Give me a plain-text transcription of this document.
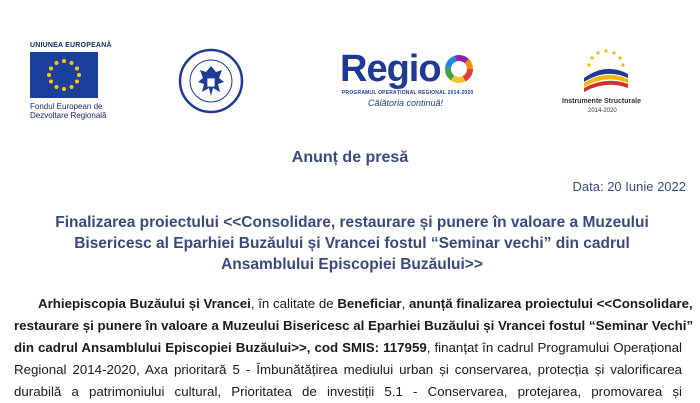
UNIUNEA EUROPEANĂ
Fondul European de
Dezvoltare Regională
Regio
PROGRAMUL OPERAȚIONAL REGIONAL 2014-2020
Călătoria continuă!	Instrumente Structurale
2014-2020
Anunț de presă
Data: 20 Iunie 2022
Finalizarea proiectului <<Consolidare, restaurare și punere în valoare a Muzeului
Bisericesc al Eparhiei Buzăului și Vrancei fostul “Seminar vechi” din cadrul
Ansamblului Episcopiei Buzăului>>
Arhiepiscopia Buzăului și Vrancei, în calitate de Beneficiar, anunță finalizarea proiectului <<Consolidare,
restaurare și punere în valoare a Muzeului Bisericesc al Eparhiei Buzăului și Vrancei fostul “Seminar Vechi”
din cadrul Ansamblului Episcopiei Buzăului>>, cod SMIS: 117959, finanțat în cadrul Programului Operațional
Regional 2014-2020, Axa prioritară 5 - Îmbunătățirea mediului urban și conservarea, protecția și valorificarea
durabilă a patrimoniului cultural, Prioritatea de investiții 5.1 - Conservarea, protejarea, promovarea și
